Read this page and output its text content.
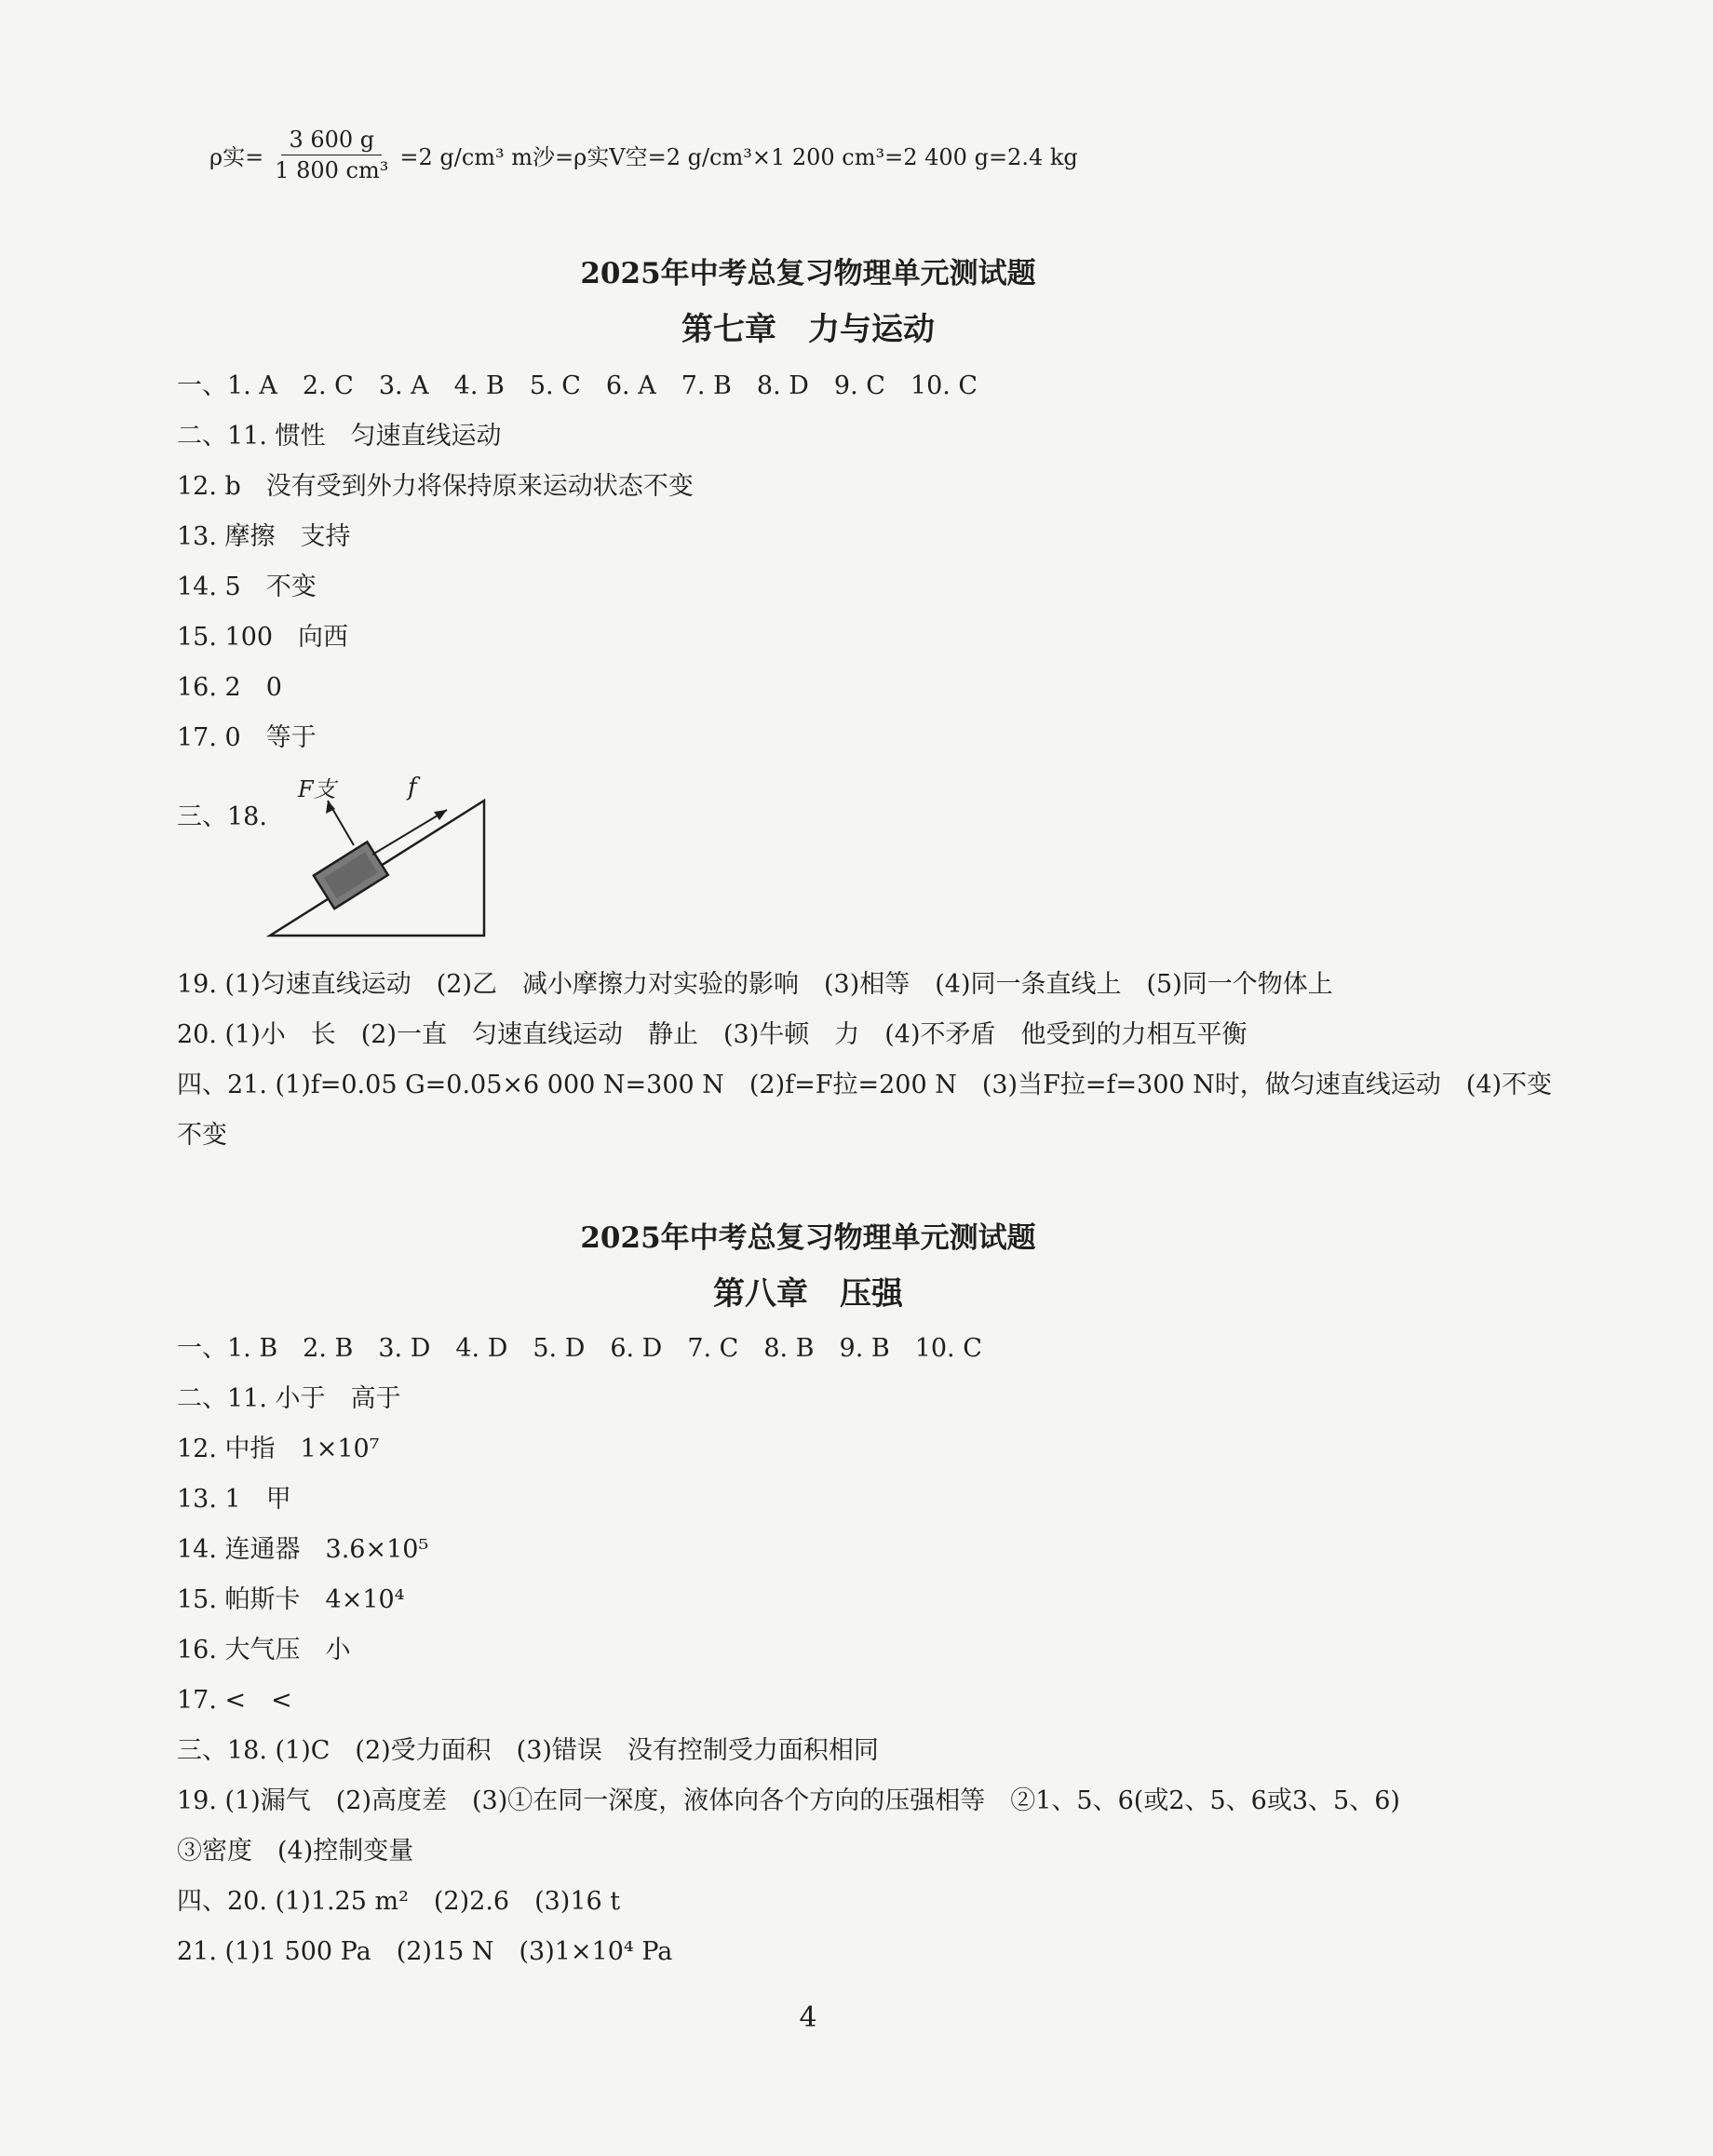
ρ实= $\frac{3 600 g}{\text{1 800 cm³}} =2$ g/cm³ m沙=ρ实V空=2 g/cm³×1 200 cm³=2 400 g=2.4 kg
2025年中考总复习物理单元测试题
第七章　力与运动
一、1. A　2. C　3. A　4. B　5. C　6. A　7. B　8. D　9. C　10. C
二、11. 惯性　匀速直线运动
12. b　没有受到外力将保持原来运动状态不变
13. 摩擦　支持
14. 5　不变
15. 100　向西
16. 2　0
17. 0　等于
三、18.
F支	f
19. (1)匀速直线运动　(2)乙　减小摩擦力对实验的影响　(3)相等　(4)同一条直线上　(5)同一个物体上
20. (1)小　长　(2)一直　匀速直线运动　静止　(3)牛顿　力　(4)不矛盾　他受到的力相互平衡
四、21. (1)f=0.05 G=0.05×6 000 N=300 N　(2)f=F拉=200 N　(3)当F拉=f=300 N时，做匀速直线运动　(4)不变
不变
2025年中考总复习物理单元测试题
第八章　压强
一、1. B　2. B　3. D　4. D　5. D　6. D　7. C　8. B　9. B　10. C
二、11. 小于　高于
12. 中指　1×10⁷
13. 1　甲
14. 连通器　3.6×10⁵
15. 帕斯卡　4×10⁴
16. 大气压　小
17. <　<
三、18. (1)C　(2)受力面积　(3)错误　没有控制受力面积相同
19. (1)漏气　(2)高度差　(3)①在同一深度，液体向各个方向的压强相等　②1、5、6(或2、5、6或3、5、6)
③密度　(4)控制变量
四、20. (1)1.25 m²　(2)2.6　(3)16 t
21. (1)1 500 Pa　(2)15 N　(3)1×10⁴ Pa
4
